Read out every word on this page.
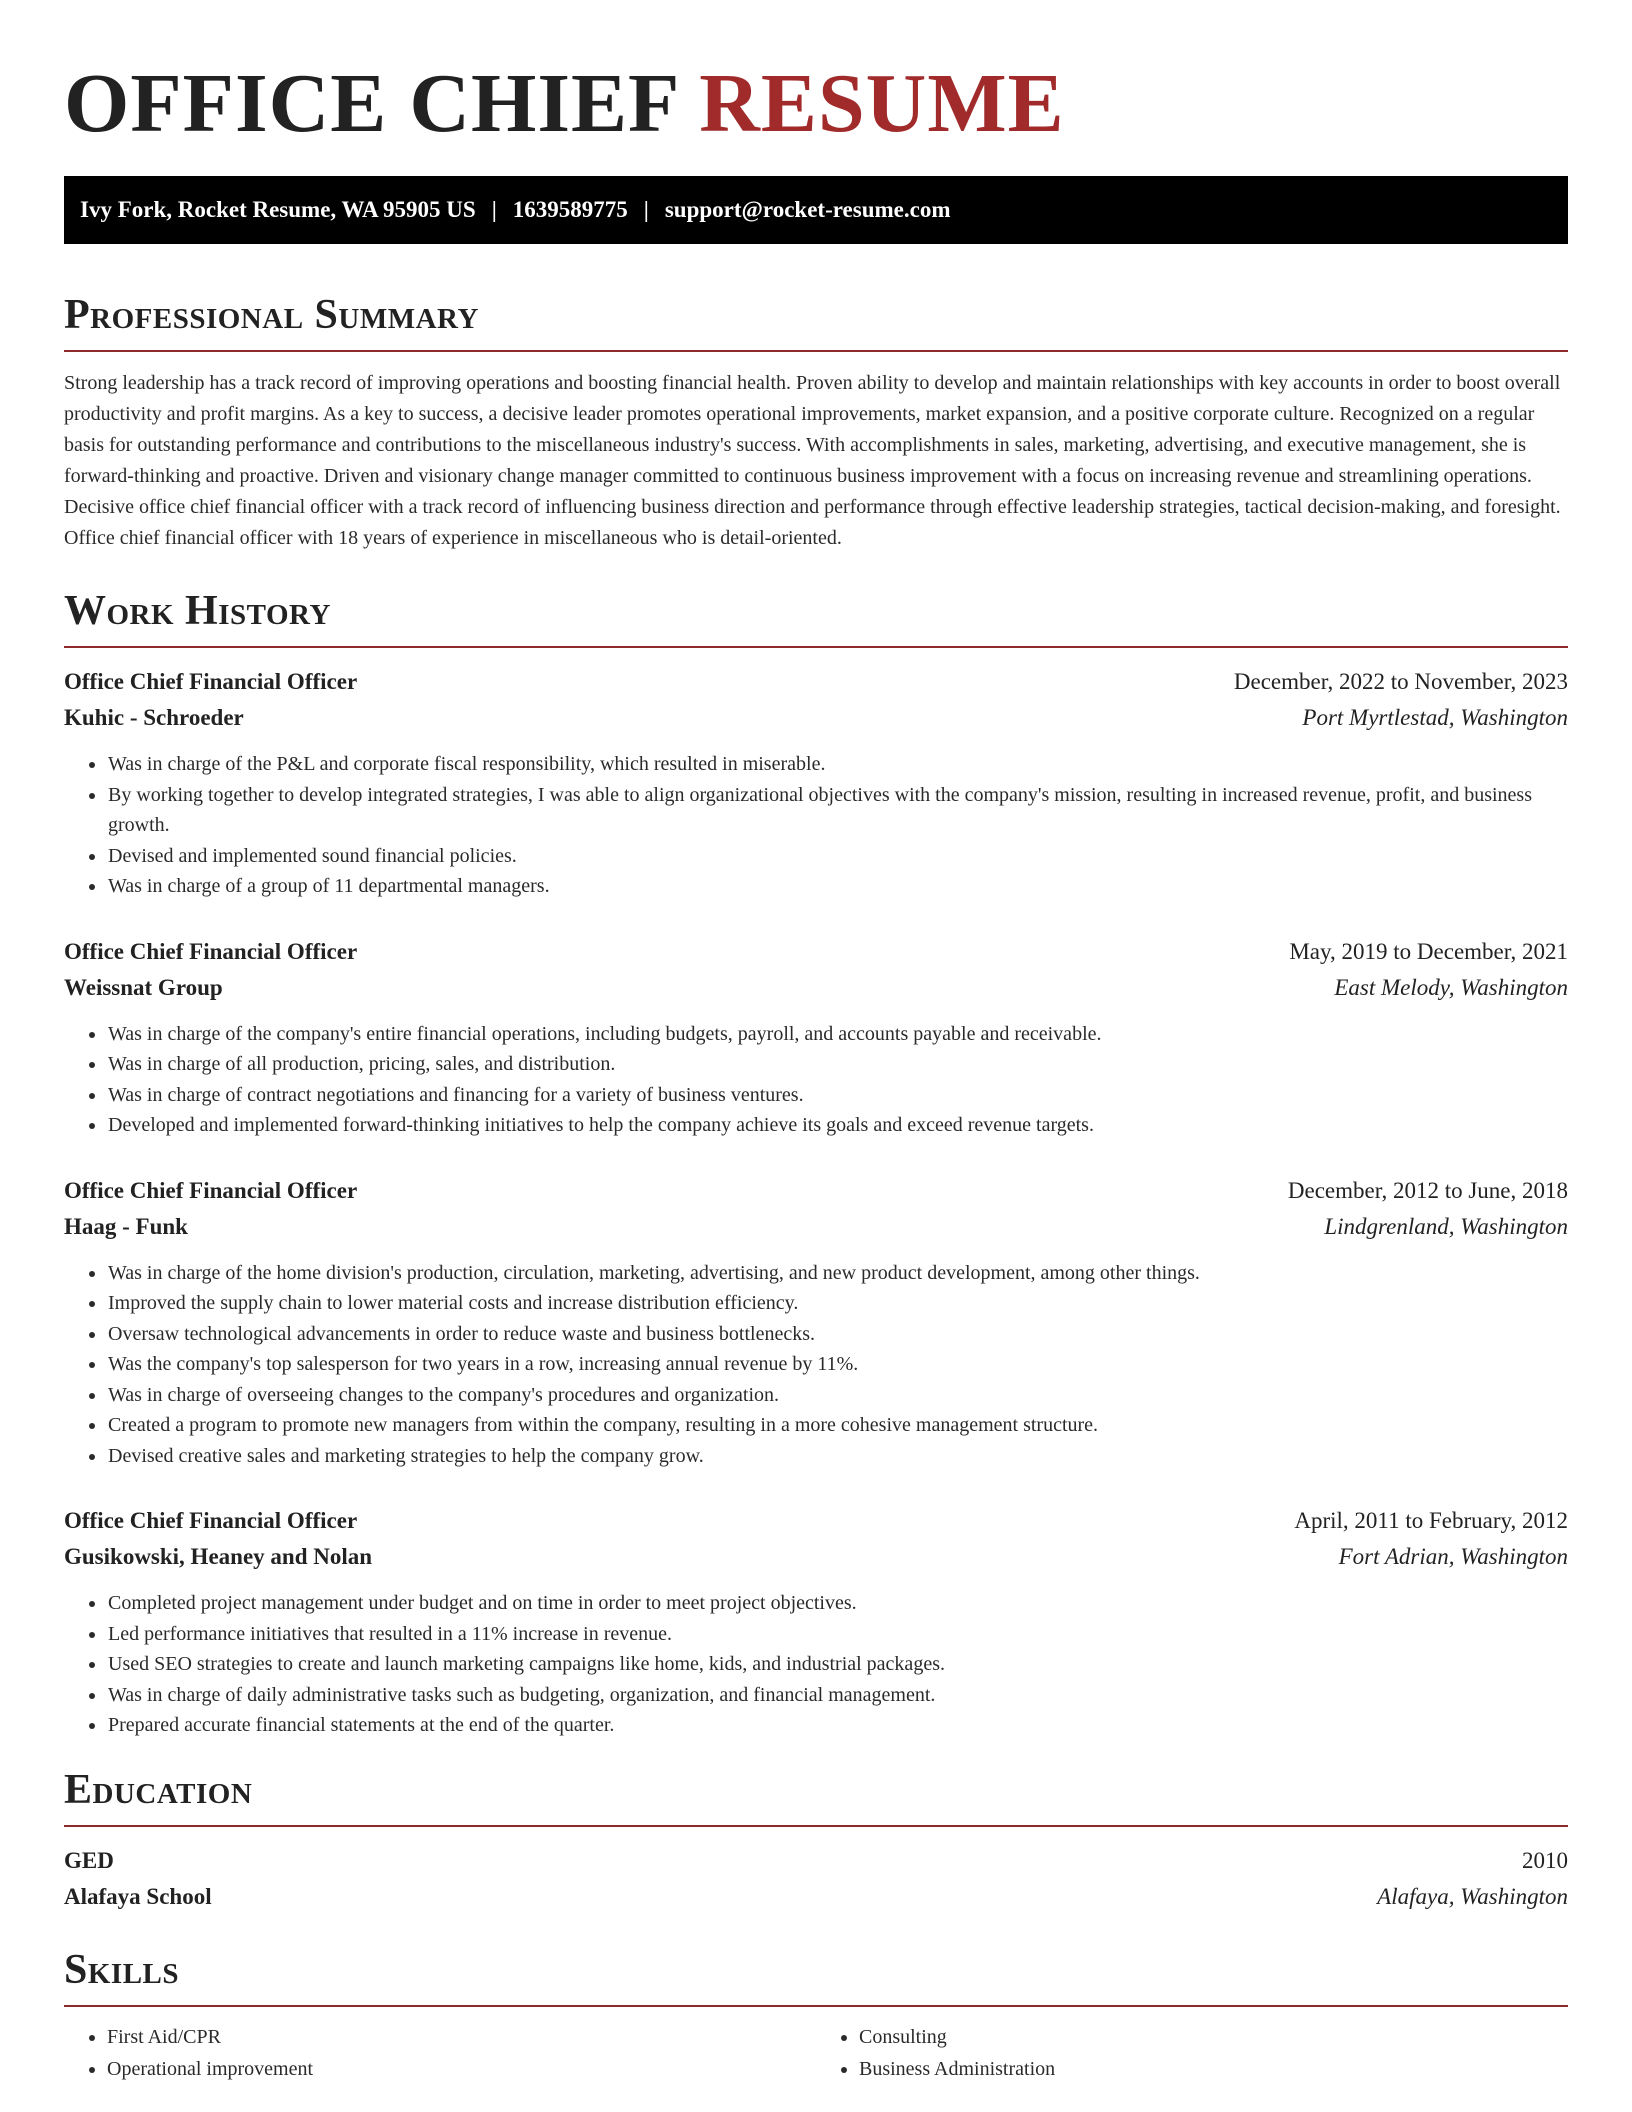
OFFICE CHIEF RESUME
Ivy Fork, Rocket Resume, WA 95905 US | 1639589775 | support@rocket-resume.com
Professional Summary

Strong leadership has a track record of improving operations and boosting financial health. Proven ability to develop and maintain relationships with key accounts in order to boost overall productivity and profit margins. As a key to success, a decisive leader promotes operational improvements, market expansion, and a positive corporate culture. Recognized on a regular basis for outstanding performance and contributions to the miscellaneous industry's success. With accomplishments in sales, marketing, advertising, and executive management, she is forward-thinking and proactive. Driven and visionary change manager committed to continuous business improvement with a focus on increasing revenue and streamlining operations. Decisive office chief financial officer with a track record of influencing business direction and performance through effective leadership strategies, tactical decision-making, and foresight. Office chief financial officer with 18 years of experience in miscellaneous who is detail-oriented.

Work History
Office Chief Financial Officer	December, 2022 to November, 2023
Kuhic - Schroeder	Port Myrtlestad, Washington
• Was in charge of the P&L and corporate fiscal responsibility, which resulted in miserable.
• By working together to develop integrated strategies, I was able to align organizational objectives with the company's mission, resulting in increased revenue, profit, and business growth.
• Devised and implemented sound financial policies.
• Was in charge of a group of 11 departmental managers.
Office Chief Financial Officer	May, 2019 to December, 2021
Weissnat Group	East Melody, Washington
• Was in charge of the company's entire financial operations, including budgets, payroll, and accounts payable and receivable.
• Was in charge of all production, pricing, sales, and distribution.
• Was in charge of contract negotiations and financing for a variety of business ventures.
• Developed and implemented forward-thinking initiatives to help the company achieve its goals and exceed revenue targets.
Office Chief Financial Officer	December, 2012 to June, 2018
Haag - Funk	Lindgrenland, Washington
• Was in charge of the home division's production, circulation, marketing, advertising, and new product development, among other things.
• Improved the supply chain to lower material costs and increase distribution efficiency.
• Oversaw technological advancements in order to reduce waste and business bottlenecks.
• Was the company's top salesperson for two years in a row, increasing annual revenue by 11%.
• Was in charge of overseeing changes to the company's procedures and organization.
• Created a program to promote new managers from within the company, resulting in a more cohesive management structure.
• Devised creative sales and marketing strategies to help the company grow.
Office Chief Financial Officer	April, 2011 to February, 2012
Gusikowski, Heaney and Nolan	Fort Adrian, Washington
• Completed project management under budget and on time in order to meet project objectives.
• Led performance initiatives that resulted in a 11% increase in revenue.
• Used SEO strategies to create and launch marketing campaigns like home, kids, and industrial packages.
• Was in charge of daily administrative tasks such as budgeting, organization, and financial management.
• Prepared accurate financial statements at the end of the quarter.
Education
GED	2010
Alafaya School	Alafaya, Washington
Skills
• First Aid/CPR
• Operational improvement
• Consulting
• Business Administration
